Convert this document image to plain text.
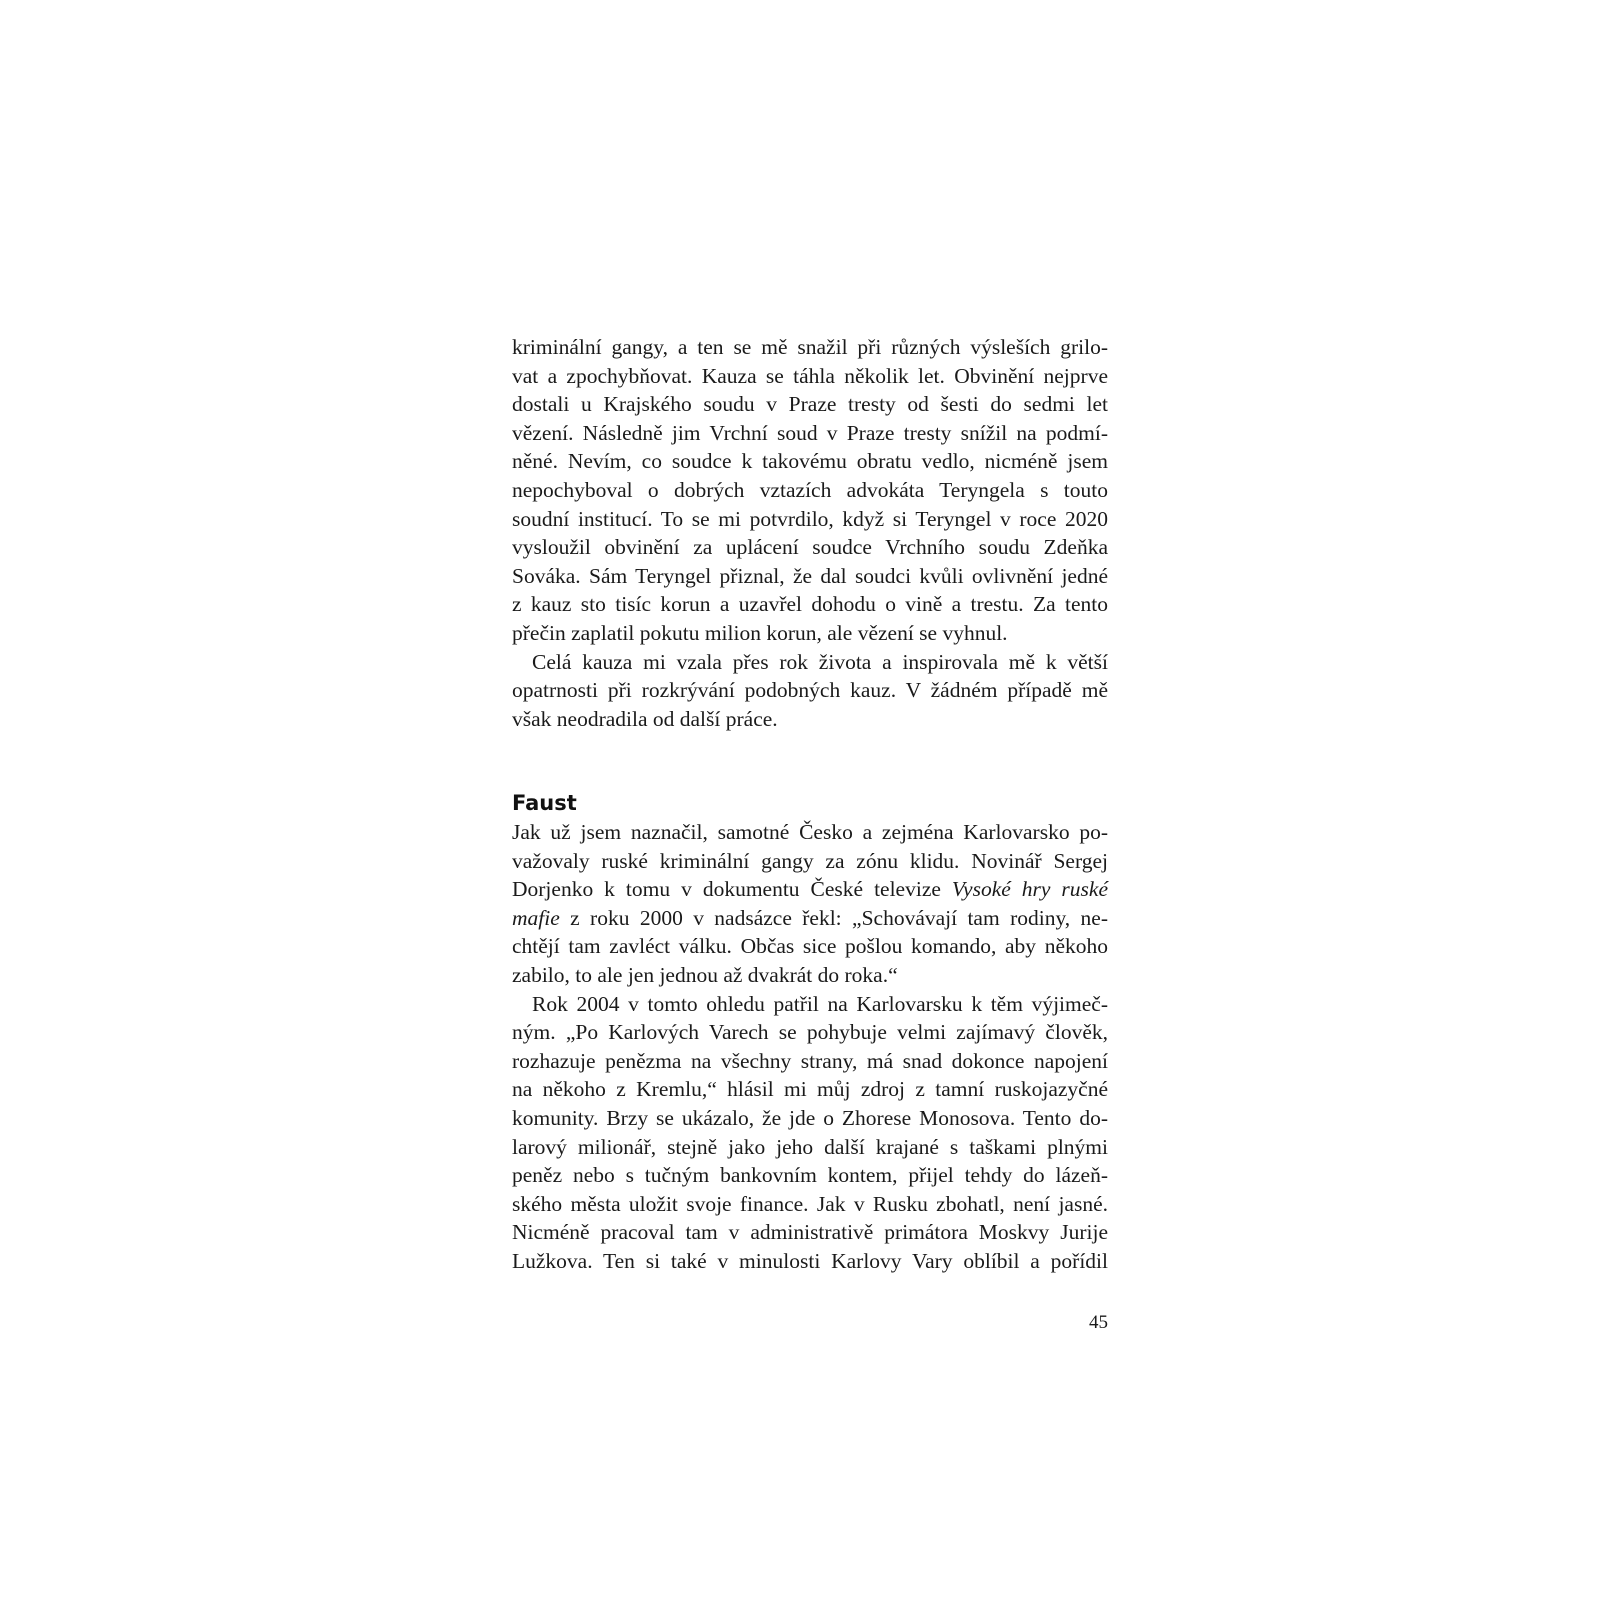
kriminální gangy, a ten se mě snažil při různých výsleších grilo-
vat a zpochybňovat. Kauza se táhla několik let. Obvinění nejprve
dostali u Krajského soudu v Praze tresty od šesti do sedmi let
vězení. Následně jim Vrchní soud v Praze tresty snížil na podmí-
něné. Nevím, co soudce k takovému obratu vedlo, nicméně jsem
nepochyboval o dobrých vztazích advokáta Teryngela s touto
soudní institucí. To se mi potvrdilo, když si Teryngel v roce 2020
vysloužil obvinění za uplácení soudce Vrchního soudu Zdeňka
Sováka. Sám Teryngel přiznal, že dal soudci kvůli ovlivnění jedné
z kauz sto tisíc korun a uzavřel dohodu o vině a trestu. Za tento
přečin zaplatil pokutu milion korun, ale vězení se vyhnul.
Celá kauza mi vzala přes rok života a inspirovala mě k větší
opatrnosti při rozkrývání podobných kauz. V žádném případě mě
však neodradila od další práce.
Faust
Jak už jsem naznačil, samotné Česko a zejména Karlovarsko po-
važovaly ruské kriminální gangy za zónu klidu. Novinář Sergej
Dorjenko k tomu v dokumentu České televize Vysoké hry ruské
mafie z roku 2000 v nadsázce řekl: „Schovávají tam rodiny, ne-
chtějí tam zavléct válku. Občas sice pošlou komando, aby někoho
zabilo, to ale jen jednou až dvakrát do roka.“
Rok 2004 v tomto ohledu patřil na Karlovarsku k těm výjimeč-
ným. „Po Karlových Varech se pohybuje velmi zajímavý člověk,
rozhazuje penězma na všechny strany, má snad dokonce napojení
na někoho z Kremlu,“ hlásil mi můj zdroj z tamní ruskojazyčné
komunity. Brzy se ukázalo, že jde o Zhorese Monosova. Tento do-
larový milionář, stejně jako jeho další krajané s taškami plnými
peněz nebo s tučným bankovním kontem, přijel tehdy do lázeň-
ského města uložit svoje finance. Jak v Rusku zbohatl, není jasné.
Nicméně pracoval tam v administrativě primátora Moskvy Jurije
Lužkova. Ten si také v minulosti Karlovy Vary oblíbil a pořídil
45
